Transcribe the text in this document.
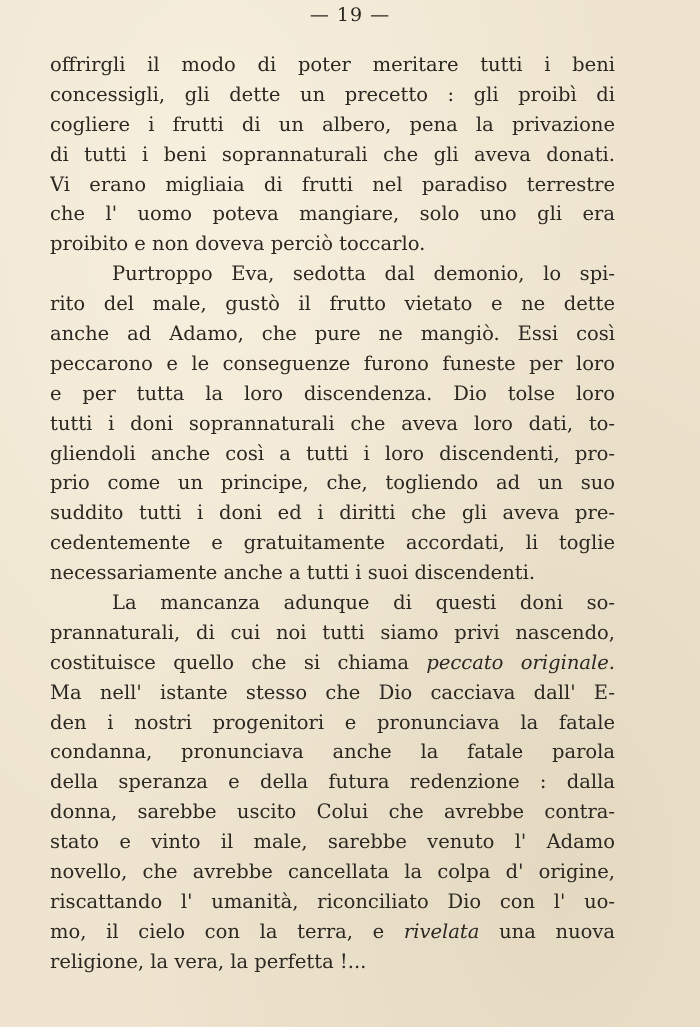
— 19 —
offrirgli il modo di poter meritare tutti i beni
concessigli, gli dette un precetto : gli proibì di
cogliere i frutti di un albero, pena la privazione
di tutti i beni soprannaturali che gli aveva donati.
Vi erano migliaia di frutti nel paradiso terrestre
che l' uomo poteva mangiare, solo uno gli era
proibito e non doveva perciò toccarlo.
Purtroppo Eva, sedotta dal demonio, lo spi-
rito del male, gustò il frutto vietato e ne dette
anche ad Adamo, che pure ne mangiò. Essi così
peccarono e le conseguenze furono funeste per loro
e per tutta la loro discendenza. Dio tolse loro
tutti i doni soprannaturali che aveva loro dati, to-
gliendoli anche così a tutti i loro discendenti, pro-
prio come un principe, che, togliendo ad un suo
suddito tutti i doni ed i diritti che gli aveva pre-
cedentemente e gratuitamente accordati, li toglie
necessariamente anche a tutti i suoi discendenti.
La mancanza adunque di questi doni so-
prannaturali, di cui noi tutti siamo privi nascendo,
costituisce quello che si chiama peccato originale.
Ma nell' istante stesso che Dio cacciava dall' E-
den i nostri progenitori e pronunciava la fatale
condanna, pronunciava anche la fatale parola
della speranza e della futura redenzione : dalla
donna, sarebbe uscito Colui che avrebbe contra-
stato e vinto il male, sarebbe venuto l' Adamo
novello, che avrebbe cancellata la colpa d' origine,
riscattando l' umanità, riconciliato Dio con l' uo-
mo, il cielo con la terra, e rivelata una nuova
religione, la vera, la perfetta !...
